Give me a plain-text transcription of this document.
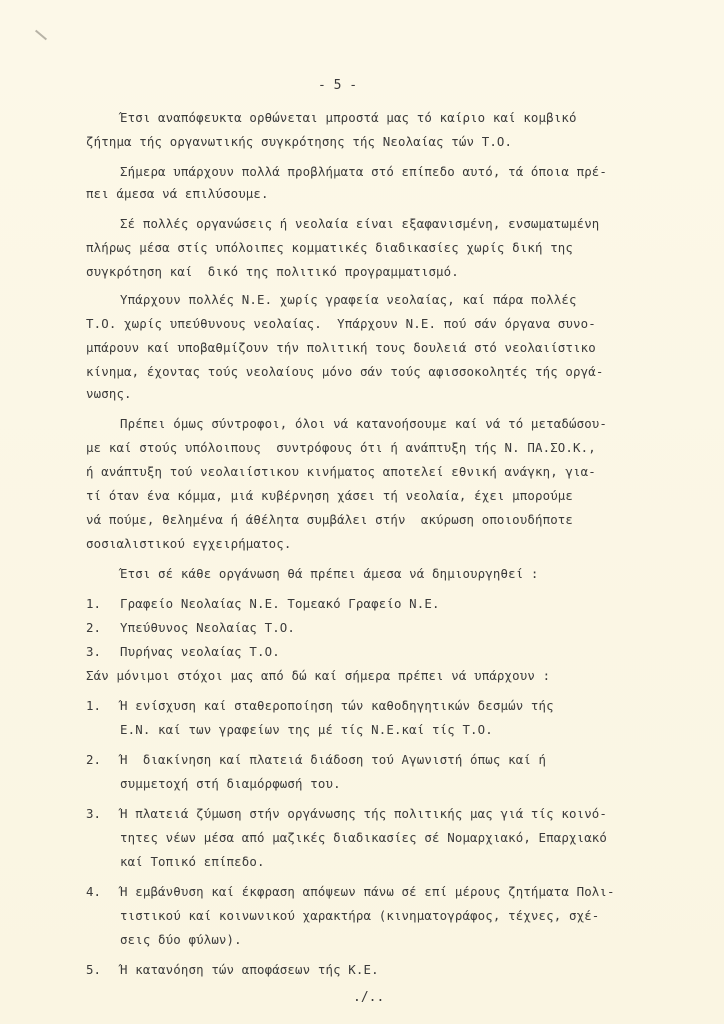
- 5 -
Έτσι αναπόφευκτα ορθώνεται μπροστά μας τό καίριο καί κομβικό
ζήτημα τής οργανωτικής συγκρότησης τής Νεολαίας τών Τ.Ο.
Σήμερα υπάρχουν πολλά προβλήματα στό επίπεδο αυτό, τά όποια πρέ-
πει άμεσα νά επιλύσουμε.
Σέ πολλές οργανώσεις ή νεολαία είναι εξαφανισμένη, ενσωματωμένη
πλήρως μέσα στίς υπόλοιπες κομματικές διαδικασίες χωρίς δική της
συγκρότηση καί  δικό της πολιτικό προγραμματισμό.
Υπάρχουν πολλές Ν.Ε. χωρίς γραφεία νεολαίας, καί πάρα πολλές
Τ.Ο. χωρίς υπεύθυνους νεολαίας.  Υπάρχουν Ν.Ε. πού σάν όργανα συνο-
μπάρουν καί υποβαθμίζουν τήν πολιτική τους δουλειά στό νεολαιίστικο
κίνημα, έχοντας τούς νεολαίους μόνο σάν τούς αφισσοκολητές τής οργά-
νωσης.
Πρέπει όμως σύντροφοι, όλοι νά κατανοήσουμε καί νά τό μεταδώσου-
με καί στούς υπόλοιπους  συντρόφους ότι ή ανάπτυξη τής Ν. ΠΑ.ΣΟ.Κ.,
ή ανάπτυξη τού νεολαιίστικου κινήματος αποτελεί εθνική ανάγκη, για-
τί όταν ένα κόμμα, μιά κυβέρνηση χάσει τή νεολαία, έχει μπορούμε
νά πούμε, θεληµένα ή άθέλητα συμβάλει στήν  ακύρωση οποιουδήποτε
σοσιαλιστικού εγχειρήματος.
Έτσι σέ κάθε οργάνωση θά πρέπει άμεσα νά δημιουργηθεί :
1. Γραφείο Νεολαίας Ν.Ε. Τομεακό Γραφείο Ν.Ε.
2. Υπεύθυνος Νεολαίας Τ.Ο.
3. Πυρήνας νεολαίας Τ.Ο.
Σάν μόνιμοι στόχοι μας από δώ καί σήμερα πρέπει νά υπάρχουν :
1. Ή ενίσχυση καί σταθεροποίηση τών καθοδηγητικών δεσμών τής
Ε.Ν. καί των γραφείων της μέ τίς Ν.Ε.καί τίς Τ.Ο.
2. Ή  διακίνηση καί πλατειά διάδοση τού Αγωνιστή όπως καί ή
συμμετοχή στή διαμόρφωσή του.
3. Ή πλατειά ζύμωση στήν οργάνωσης τής πολιτικής μας γιά τίς κοινό-
τητες νέων μέσα από μαζικές διαδικασίες σέ Νομαρχιακό, Επαρχιακό
καί Τοπικό επίπεδο.
4. Ή εμβάνθυση καί έκφραση απόψεων πάνω σέ επί μέρους ζητήματα Πολι-
τιστικού καί κοινωνικού χαρακτήρα (κινηματογράφος, τέχνες, σχέ-
σεις δύο φύλων).
5. Ή κατανόηση τών αποφάσεων τής Κ.Ε.
./..
